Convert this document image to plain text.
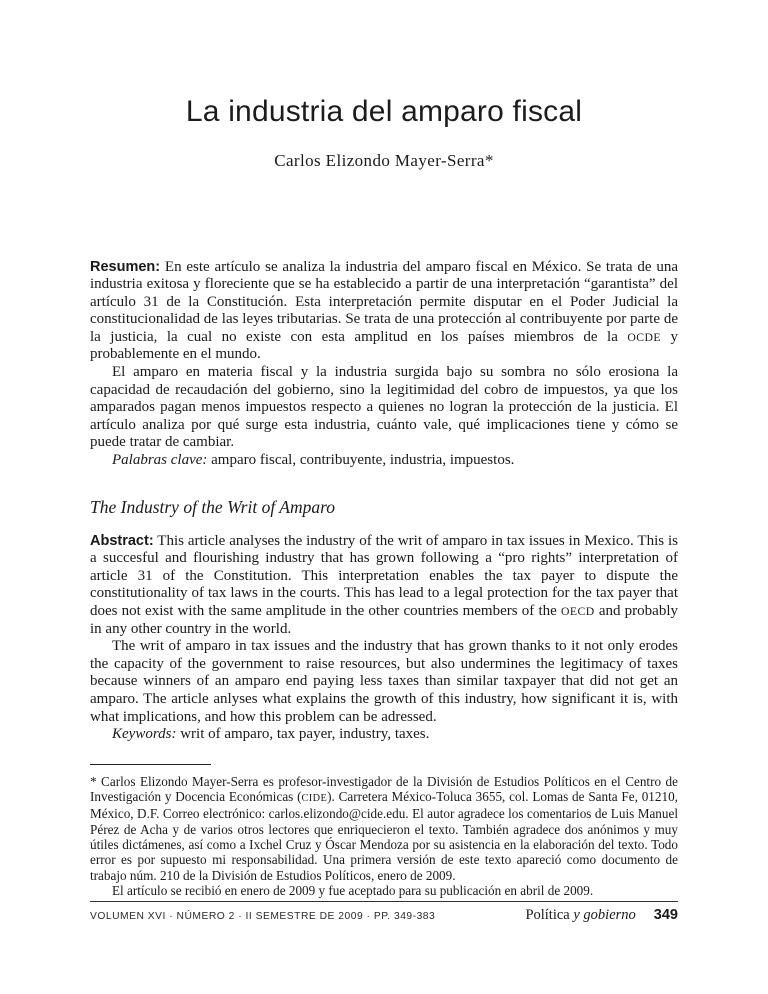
La industria del amparo fiscal
Carlos Elizondo Mayer-Serra*

Resumen: En este artículo se analiza la industria del amparo fiscal en México. Se trata de una industria exitosa y floreciente que se ha establecido a partir de una interpretación “garantista” del artículo 31 de la Constitución. Esta interpretación permite disputar en el Poder Judicial la constitucionalidad de las leyes tributarias. Se trata de una protección al contribuyente por parte de la justicia, la cual no existe con esta amplitud en los países miembros de la OCDE y probablemente en el mundo.

El amparo en materia fiscal y la industria surgida bajo su sombra no sólo erosiona la capacidad de recaudación del gobierno, sino la legitimidad del cobro de impuestos, ya que los amparados pagan menos impuestos respecto a quienes no logran la protección de la justicia. El artículo analiza por qué surge esta industria, cuánto vale, qué implicaciones tiene y cómo se puede tratar de cambiar.

Palabras clave: amparo fiscal, contribuyente, industria, impuestos.

The Industry of the Writ of Amparo

Abstract: This article analyses the industry of the writ of amparo in tax issues in Mexico. This is a succesful and flourishing industry that has grown following a “pro rights” interpretation of article 31 of the Constitution. This interpretation enables the tax payer to dispute the constitutionality of tax laws in the courts. This has lead to a legal protection for the tax payer that does not exist with the same amplitude in the other countries members of the OECD and probably in any other country in the world.

The writ of amparo in tax issues and the industry that has grown thanks to it not only erodes the capacity of the government to raise resources, but also undermines the legitimacy of taxes because winners of an amparo end paying less taxes than similar taxpayer that did not get an amparo. The article anlyses what explains the growth of this industry, how significant it is, with what implications, and how this problem can be adressed.

Keywords: writ of amparo, tax payer, industry, taxes.

* Carlos Elizondo Mayer-Serra es profesor-investigador de la División de Estudios Políticos en el Centro de Investigación y Docencia Económicas (CIDE). Carretera México-Toluca 3655, col. Lomas de Santa Fe, 01210, México, D.F. Correo electrónico: carlos.elizondo@cide.edu. El autor agradece los comentarios de Luis Manuel Pérez de Acha y de varios otros lectores que enriquecieron el texto. También agradece dos anónimos y muy útiles dictámenes, así como a Ixchel Cruz y Óscar Mendoza por su asistencia en la elaboración del texto. Todo error es por supuesto mi responsabilidad. Una primera versión de este texto apareció como documento de trabajo núm. 210 de la División de Estudios Políticos, enero de 2009.

El artículo se recibió en enero de 2009 y fue aceptado para su publicación en abril de 2009.

VOLUMEN XVI · NÚMERO 2 · II SEMESTRE DE 2009 · PP. 349-383	Política y gobierno 349
